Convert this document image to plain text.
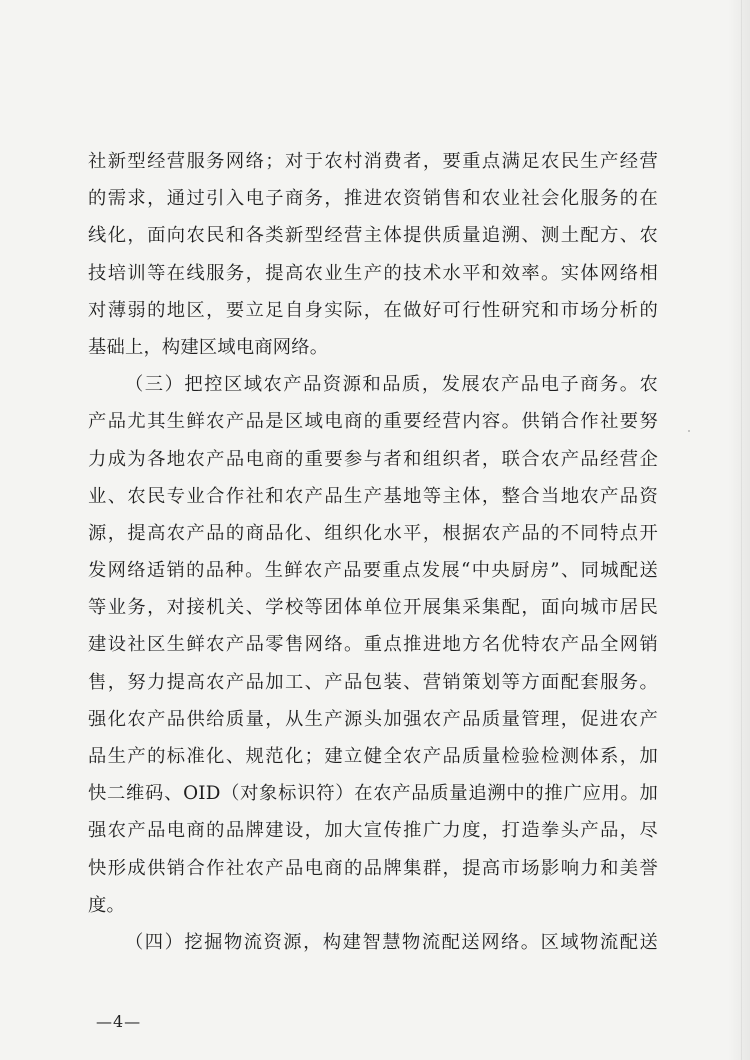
社新型经营服务网络；对于农村消费者，要重点满足农民生产经营
的需求，通过引入电子商务，推进农资销售和农业社会化服务的在
线化，面向农民和各类新型经营主体提供质量追溯、测土配方、农
技培训等在线服务，提高农业生产的技术水平和效率。实体网络相
对薄弱的地区，要立足自身实际，在做好可行性研究和市场分析的
基础上，构建区域电商网络。
（三）把控区域农产品资源和品质，发展农产品电子商务。农
产品尤其生鲜农产品是区域电商的重要经营内容。供销合作社要努
力成为各地农产品电商的重要参与者和组织者，联合农产品经营企
业、农民专业合作社和农产品生产基地等主体，整合当地农产品资
源，提高农产品的商品化、组织化水平，根据农产品的不同特点开
发网络适销的品种。生鲜农产品要重点发展“中央厨房”、同城配送
等业务，对接机关、学校等团体单位开展集采集配，面向城市居民
建设社区生鲜农产品零售网络。重点推进地方名优特农产品全网销
售，努力提高农产品加工、产品包装、营销策划等方面配套服务。
强化农产品供给质量，从生产源头加强农产品质量管理，促进农产
品生产的标准化、规范化；建立健全农产品质量检验检测体系，加
快二维码、OID（对象标识符）在农产品质量追溯中的推广应用。加
强农产品电商的品牌建设，加大宣传推广力度，打造拳头产品，尽
快形成供销合作社农产品电商的品牌集群，提高市场影响力和美誉
度。
（四）挖掘物流资源，构建智慧物流配送网络。区域物流配送
—4—
